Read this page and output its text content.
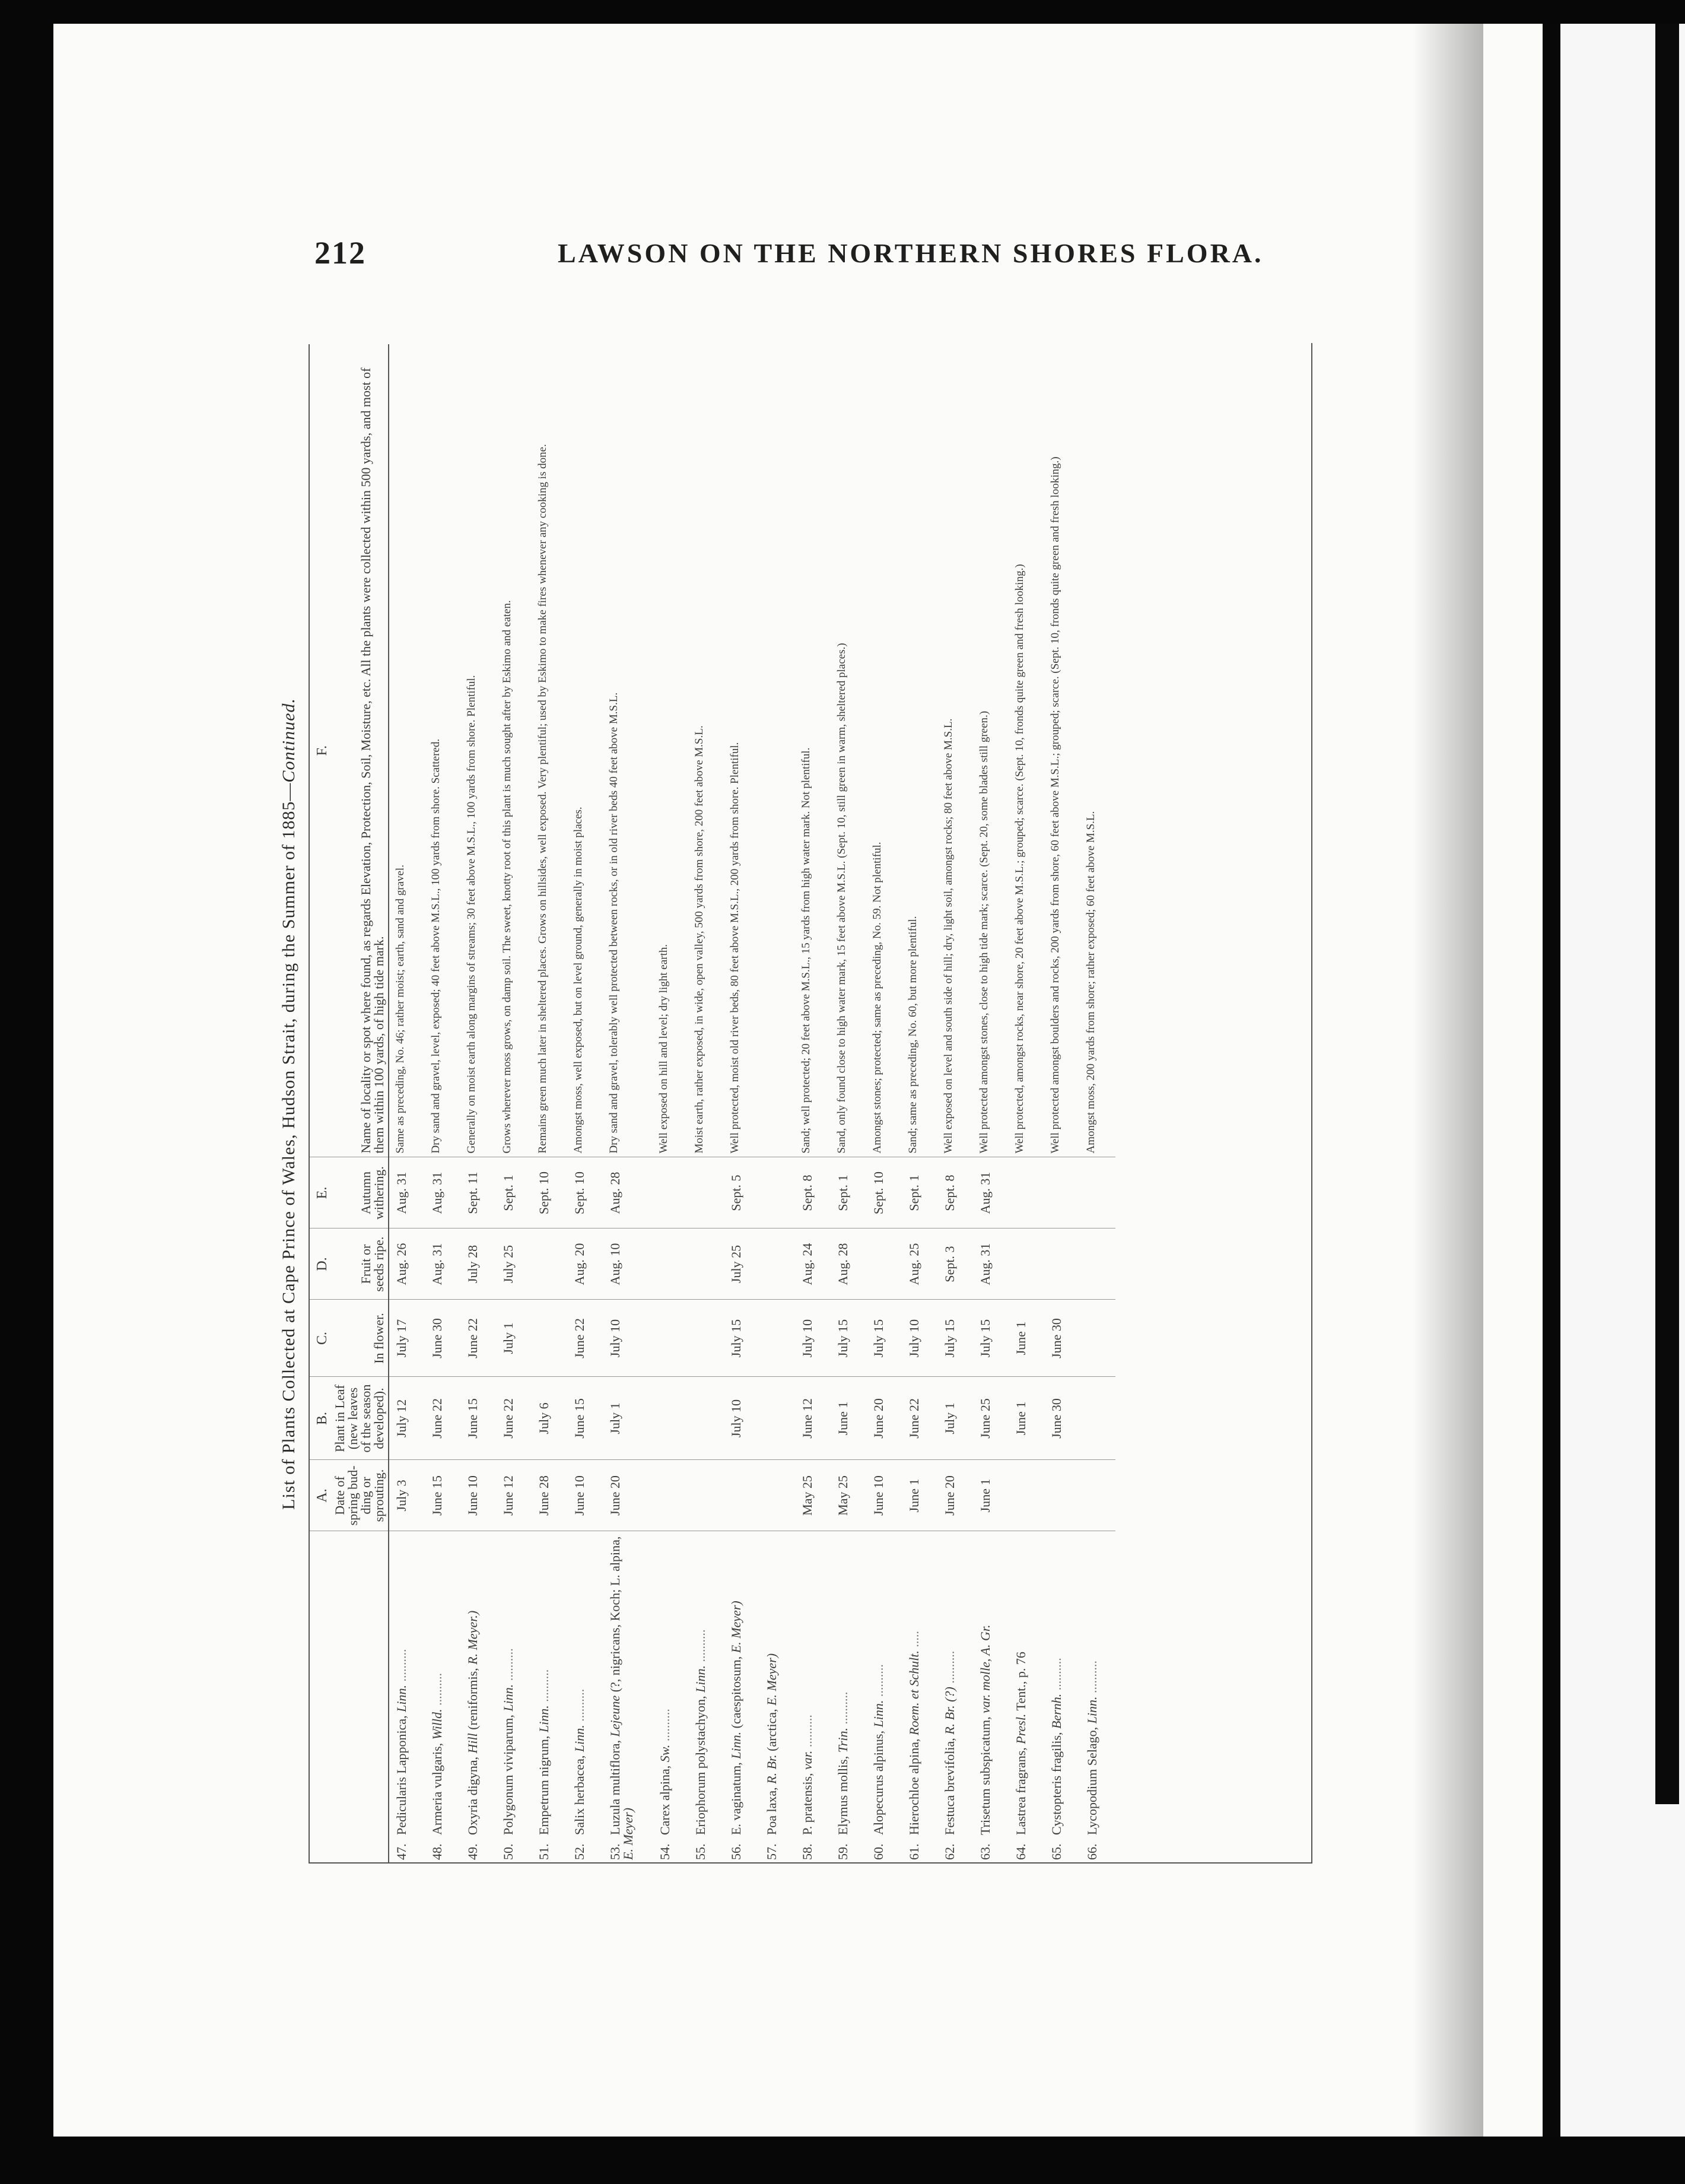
212	LAWSON ON THE NORTHERN SHORES FLORA.
List of Plants Collected at Cape Prince of Wales, Hudson Strait, during the Summer of 1885—Continued.
	A.	B.	C.	D.	E.	F.
	Date of spring bud-ding or sprouting.	Plant in Leaf (new leaves of the season developed).	In flower.	Fruit or seeds ripe.	Autumn withering.	Name of locality or spot where found, as regards Elevation, Protection, Soil, Moisture, etc. All the plants were collected within 500 yards, and most of them within 100 yards, of high tide mark.
47.Pedicularis Lapponica, Linn. ..........	July 3	July 12	July 17	Aug. 26	Aug. 31	Same as preceding, No. 46; rather moist; earth, sand and gravel.
48.Armeria vulgaris, Willd. ..........	June 15	June 22	June 30	Aug. 31	Aug. 31	Dry sand and gravel, level, exposed; 40 feet above M.S.L., 100 yards from shore. Scattered.
49.Oxyria digyna, Hill (reniformis, R. Meyer.)	June 10	June 15	June 22	July 28	Sept. 11	Generally on moist earth along margins of streams; 30 feet above M.S.L., 100 yards from shore. Plentiful.
50.Polygonum viviparum, Linn. ..........	June 12	June 22	July 1	July 25	Sept. 1	Grows wherever moss grows, on damp soil. The sweet, knotty root of this plant is much sought after by Eskimo and eaten.
51.Empetrum nigrum, Linn. ..........	June 28	July 6			Sept. 10	Remains green much later in sheltered places. Grows on hillsides, well exposed. Very plentiful; used by Eskimo to make fires whenever any cooking is done.
52.Salix herbacea, Linn. ..........	June 10	June 15	June 22	Aug. 20	Sept. 10	Amongst moss, well exposed, but on level ground, generally in moist places.
53.Luzula multiflora, Lejeune (?, nigricans, Koch; L. alpina, E. Meyer)	June 20	July 1	July 10	Aug. 10	Aug. 28	Dry sand and gravel, tolerably well protected between rocks, or in old river beds 40 feet above M.S.L.
54.Carex alpina, Sw. ..........						Well exposed on hill and level; dry light earth.
55.Eriophorum polystachyon, Linn. ..........						Moist earth, rather exposed, in wide, open valley, 500 yards from shore, 200 feet above M.S.L.
56.E. vaginatum, Linn. (caespitosum, E. Meyer)		July 10	July 15	July 25	Sept. 5	Well protected, moist old river beds, 80 feet above M.S.L., 200 yards from shore. Plentiful.
57.Poa laxa, R. Br. (arctica, E. Meyer)						
58.P. pratensis, var. ..........	May 25	June 12	July 10	Aug. 24	Sept. 8	Sand; well protected; 20 feet above M.S.L., 15 yards from high water mark. Not plentiful.
59.Elymus mollis, Trin. ..........	May 25	June 1	July 15	Aug. 28	Sept. 1	Sand, only found close to high water mark, 15 feet above M.S.L. (Sept. 10, still green in warm, sheltered places.)
60.Alopecurus alpinus, Linn. ..........	June 10	June 20	July 15		Sept. 10	Amongst stones; protected; same as preceding, No. 59. Not plentiful.
61.Hierochloe alpina, Roem. et Schult. .....	June 1	June 22	July 10	Aug. 25	Sept. 1	Sand; same as preceding, No. 60, but more plentiful.
62.Festuca brevifolia, R. Br. (?) ..........	June 20	July 1	July 15	Sept. 3	Sept. 8	Well exposed on level and south side of hill; dry, light soil, amongst rocks; 80 feet above M.S.L.
63.Trisetum subspicatum, var. molle, A. Gr.	June 1	June 25	July 15	Aug. 31	Aug. 31	Well protected amongst stones, close to high tide mark; scarce. (Sept. 20, some blades still green.)
64.Lastrea fragrans, Presl. Tent., p. 76		June 1	June 1			Well protected, amongst rocks, near shore, 20 feet above M.S.L.; grouped; scarce. (Sept. 10, fronds quite green and fresh looking.)
65.Cystopteris fragilis, Bernh. ..........		June 30	June 30			Well protected amongst boulders and rocks, 200 yards from shore, 60 feet above M.S.L.; grouped; scarce. (Sept. 10, fronds quite green and fresh looking.)
66.Lycopodium Selago, Linn. ..........						Amongst moss, 200 yards from shore; rather exposed; 60 feet above M.S.L.
